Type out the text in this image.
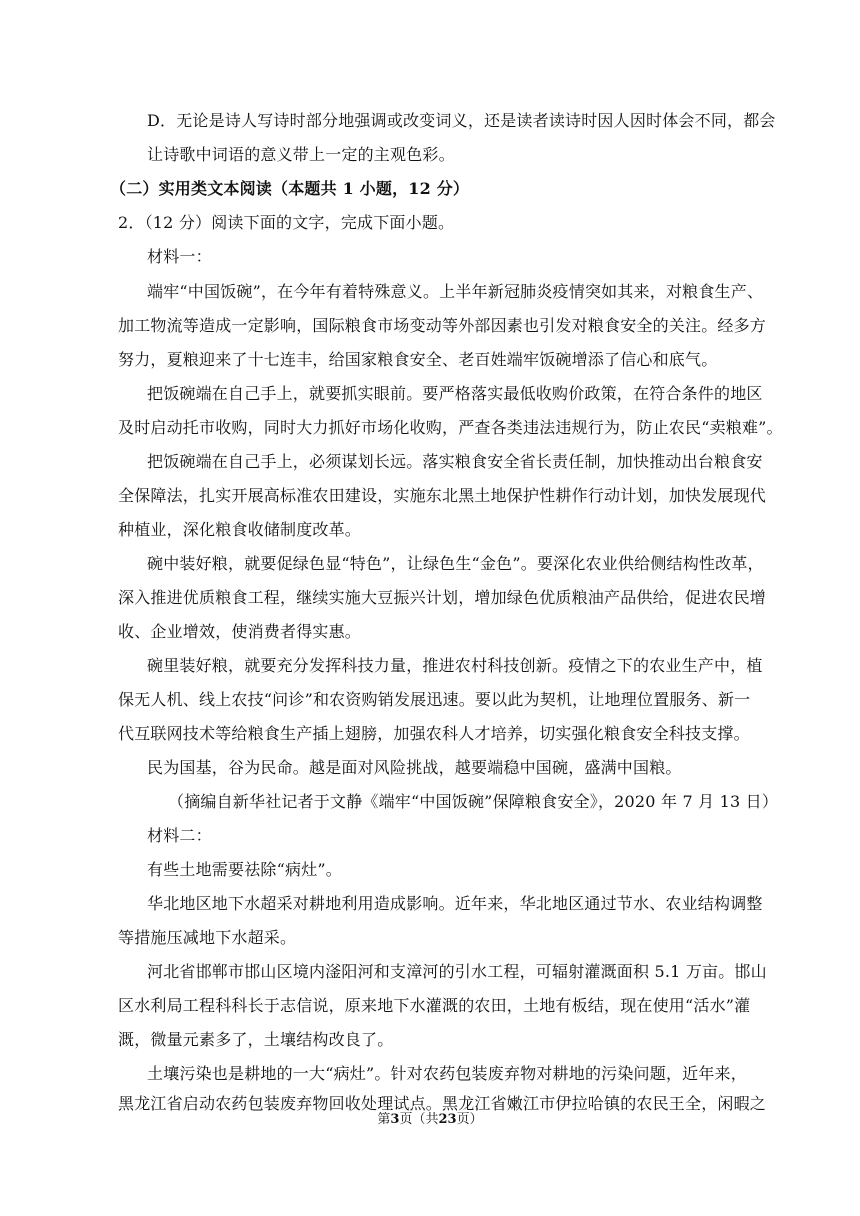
D．无论是诗人写诗时部分地强调或改变词义，还是读者读诗时因人因时体会不同，都会
让诗歌中词语的意义带上一定的主观色彩。
（二）实用类文本阅读（本题共 1 小题，12 分）
2．（12 分）阅读下面的文字，完成下面小题。
材料一：
端牢“中国饭碗”，在今年有着特殊意义。上半年新冠肺炎疫情突如其来，对粮食生产、
加工物流等造成一定影响，国际粮食市场变动等外部因素也引发对粮食安全的关注。经多方
努力，夏粮迎来了十七连丰，给国家粮食安全、老百姓端牢饭碗增添了信心和底气。
把饭碗端在自己手上，就要抓实眼前。要严格落实最低收购价政策，在符合条件的地区
及时启动托市收购，同时大力抓好市场化收购，严查各类违法违规行为，防止农民“卖粮难”。
把饭碗端在自己手上，必须谋划长远。落实粮食安全省长责任制，加快推动出台粮食安
全保障法，扎实开展高标准农田建设，实施东北黑土地保护性耕作行动计划，加快发展现代
种植业，深化粮食收储制度改革。
碗中装好粮，就要促绿色显“特色”，让绿色生“金色”。要深化农业供给侧结构性改革，
深入推进优质粮食工程，继续实施大豆振兴计划，增加绿色优质粮油产品供给，促进农民增
收、企业增效，使消费者得实惠。
碗里装好粮，就要充分发挥科技力量，推进农村科技创新。疫情之下的农业生产中，植
保无人机、线上农技“问诊”和农资购销发展迅速。要以此为契机，让地理位置服务、新一
代互联网技术等给粮食生产插上翅膀，加强农科人才培养，切实强化粮食安全科技支撑。
民为国基，谷为民命。越是面对风险挑战，越要端稳中国碗，盛满中国粮。
（摘编自新华社记者于文静《端牢“中国饭碗”保障粮食安全》，2020 年 7 月 13 日）
材料二：
有些土地需要祛除“病灶”。
华北地区地下水超采对耕地利用造成影响。近年来，华北地区通过节水、农业结构调整
等措施压减地下水超采。
河北省邯郸市邯山区境内滏阳河和支漳河的引水工程，可辐射灌溉面积 5.1 万亩。邯山
区水利局工程科科长于志信说，原来地下水灌溉的农田，土地有板结，现在使用“活水”灌
溉，微量元素多了，土壤结构改良了。
土壤污染也是耕地的一大“病灶”。针对农药包装废弃物对耕地的污染问题，近年来，
黑龙江省启动农药包装废弃物回收处理试点。黑龙江省嫩江市伊拉哈镇的农民王全，闲暇之
第3页（共23页）
